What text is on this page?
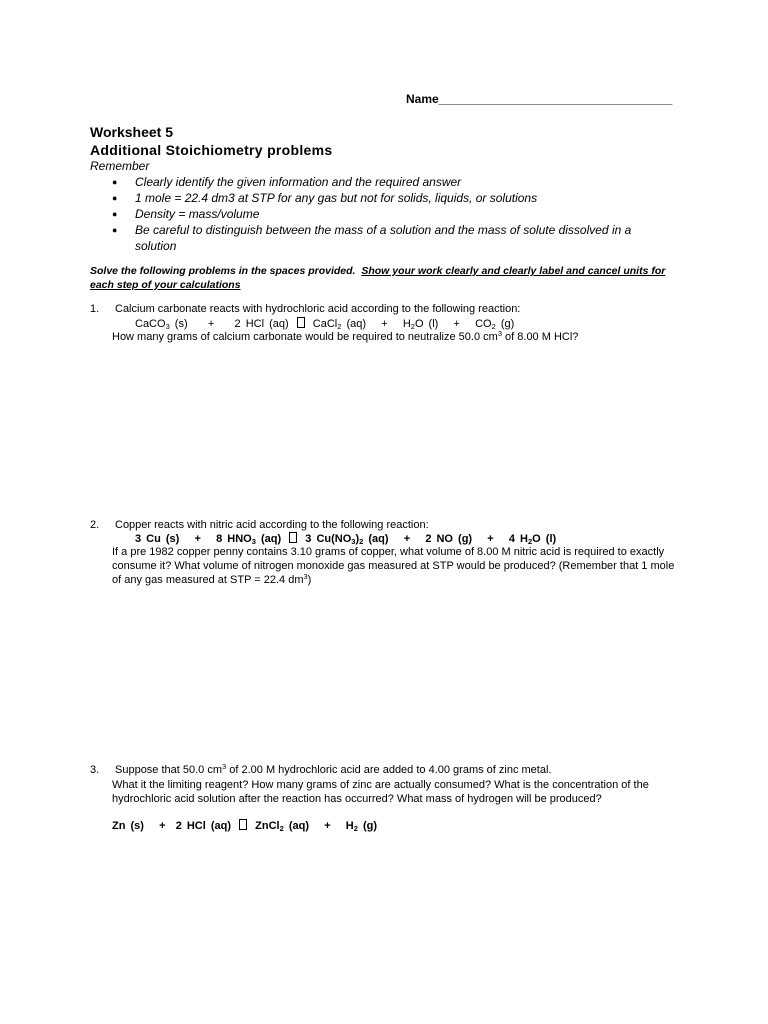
Name___________________________________
Worksheet 5
Additional Stoichiometry problems
Remember
● Clearly identify the given information and the required answer
● 1 mole = 22.4 dm3 at STP for any gas but not for solids, liquids, or solutions
● Density = mass/volume
● Be careful to distinguish between the mass of a solution and the mass of solute dissolved in a solution
Solve the following problems in the spaces provided. Show your work clearly and clearly label and cancel units for each step of your calculations
1. Calcium carbonate reacts with hydrochloric acid according to the following reaction:
CaCO$_3$ (s) + 2 HCl (aq) CaCl$_2$ $(aq) + H_2O$ $(l) + CO_2$ (g)
How many grams of calcium carbonate would be required to neutralize 50.0 $cm^3$ of 8.00 M HCl?
2. Copper reacts with nitric acid according to the following reaction:
3 Cu (s) + 8 $HNO_3$ (aq) 3 $Cu(NO_3)_2$ (aq) + 2 NO (g) + 4 $H_2O$ (l)
If a pre 1982 copper penny contains 3.10 grams of copper, what volume of 8.00 M nitric acid is required to exactly consume it? What volume of nitrogen monoxide gas measured at STP would be produced? (Remember that 1 mole of any gas measured at STP = 22.4 $dm^3$)
3. Suppose that 50.0 $cm^3$ of 2.00 M hydrochloric acid are added to 4.00 grams of zinc metal.
What it the limiting reagent? How many grams of zinc are actually consumed? What is the concentration of the hydrochloric acid solution after the reaction has occurred? What mass of hydrogen will be produced?
Zn (s) + 2 HCl (aq) ZnCl$_2$ $(aq) + H_2$ (g)
